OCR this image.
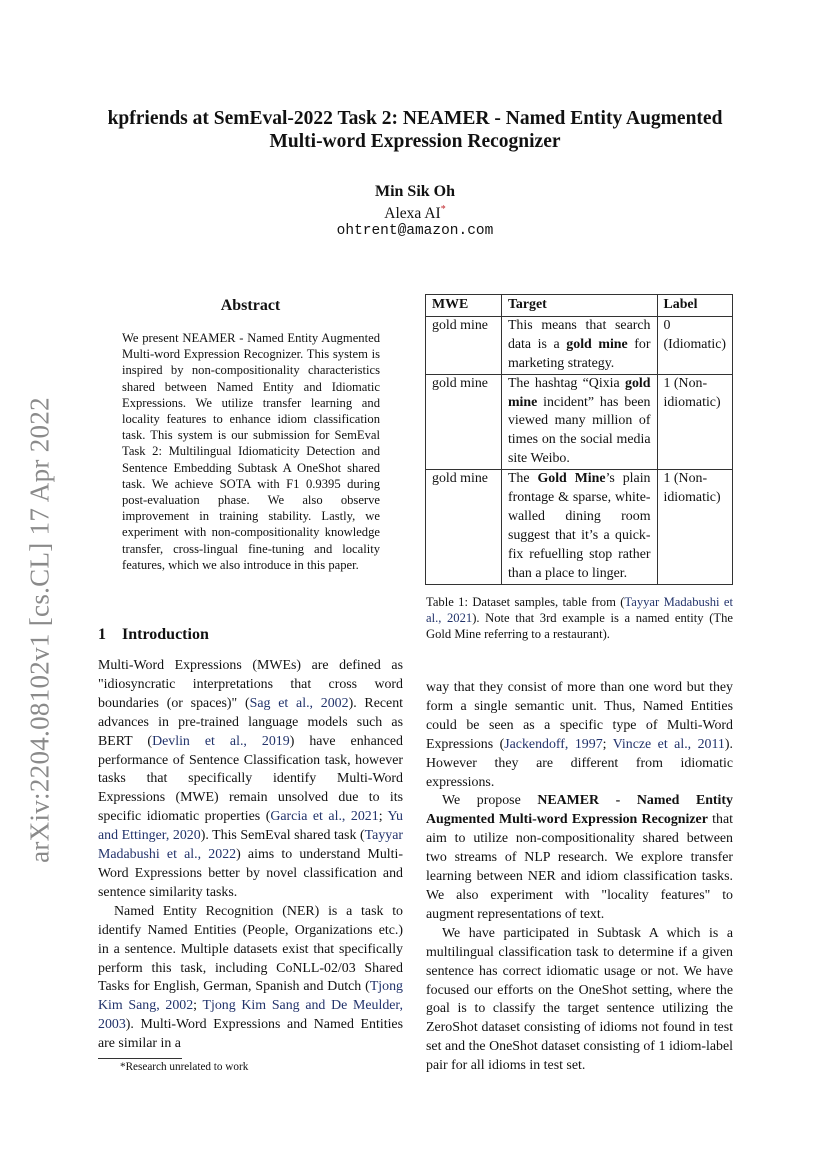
arXiv:2204.08102v1 [cs.CL] 17 Apr 2022
kpfriends at SemEval-2022 Task 2: NEAMER - Named Entity Augmented
Multi-word Expression Recognizer
Min Sik Oh
Alexa AI*
ohtrent@amazon.com
Abstract
We present NEAMER - Named Entity Augmented Multi-word Expression Recognizer. This system is inspired by non-compositionality characteristics shared between Named Entity and Idiomatic Expressions. We utilize transfer learning and locality features to enhance idiom classification task. This system is our submission for SemEval Task 2: Multilingual Idiomaticity Detection and Sentence Embedding Subtask A OneShot shared task. We achieve SOTA with F1 0.9395 during post-evaluation phase. We also observe improvement in training stability. Lastly, we experiment with non-compositionality knowledge transfer, cross-lingual fine-tuning and locality features, which we also introduce in this paper.
1 Introduction

Multi-Word Expressions (MWEs) are defined as "idiosyncratic interpretations that cross word boundaries (or spaces)" (Sag et al., 2002). Recent advances in pre-trained language models such as BERT (Devlin et al., 2019) have enhanced performance of Sentence Classification task, however tasks that specifically identify Multi-Word Expressions (MWE) remain unsolved due to its specific idiomatic properties (Garcia et al., 2021; Yu and Ettinger, 2020). This SemEval shared task (Tayyar Madabushi et al., 2022) aims to understand Multi-Word Expressions better by novel classification and sentence similarity tasks.

Named Entity Recognition (NER) is a task to identify Named Entities (People, Organizations etc.) in a sentence. Multiple datasets exist that specifically perform this task, including CoNLL-02/03 Shared Tasks for English, German, Spanish and Dutch (Tjong Kim Sang, 2002; Tjong Kim Sang and De Meulder, 2003). Multi-Word Expressions and Named Entities are similar in a

*Research unrelated to work
MWE	Target	Label
gold mine	This means that search data is a gold mine for marketing strategy.	0 (Idiomatic)
gold mine	The hashtag “Qixia gold mine incident” has been viewed many million of times on the social media site Weibo.	1 (Non-idiomatic)
gold mine	The Gold Mine’s plain frontage & sparse, white-walled dining room suggest that it’s a quick-fix refuelling stop rather than a place to linger.	1 (Non-idiomatic)
Table 1: Dataset samples, table from (Tayyar Madabushi et al., 2021). Note that 3rd example is a named entity (The Gold Mine referring to a restaurant).

way that they consist of more than one word but they form a single semantic unit. Thus, Named Entities could be seen as a specific type of Multi-Word Expressions (Jackendoff, 1997; Vincze et al., 2011). However they are different from idiomatic expressions.

We propose NEAMER - Named Entity Augmented Multi-word Expression Recognizer that aim to utilize non-compositionality shared between two streams of NLP research. We explore transfer learning between NER and idiom classification tasks. We also experiment with "locality features" to augment representations of text.

We have participated in Subtask A which is a multilingual classification task to determine if a given sentence has correct idiomatic usage or not. We have focused our efforts on the OneShot setting, where the goal is to classify the target sentence utilizing the ZeroShot dataset consisting of idioms not found in test set and the OneShot dataset consisting of 1 idiom-label pair for all idioms in test set.
